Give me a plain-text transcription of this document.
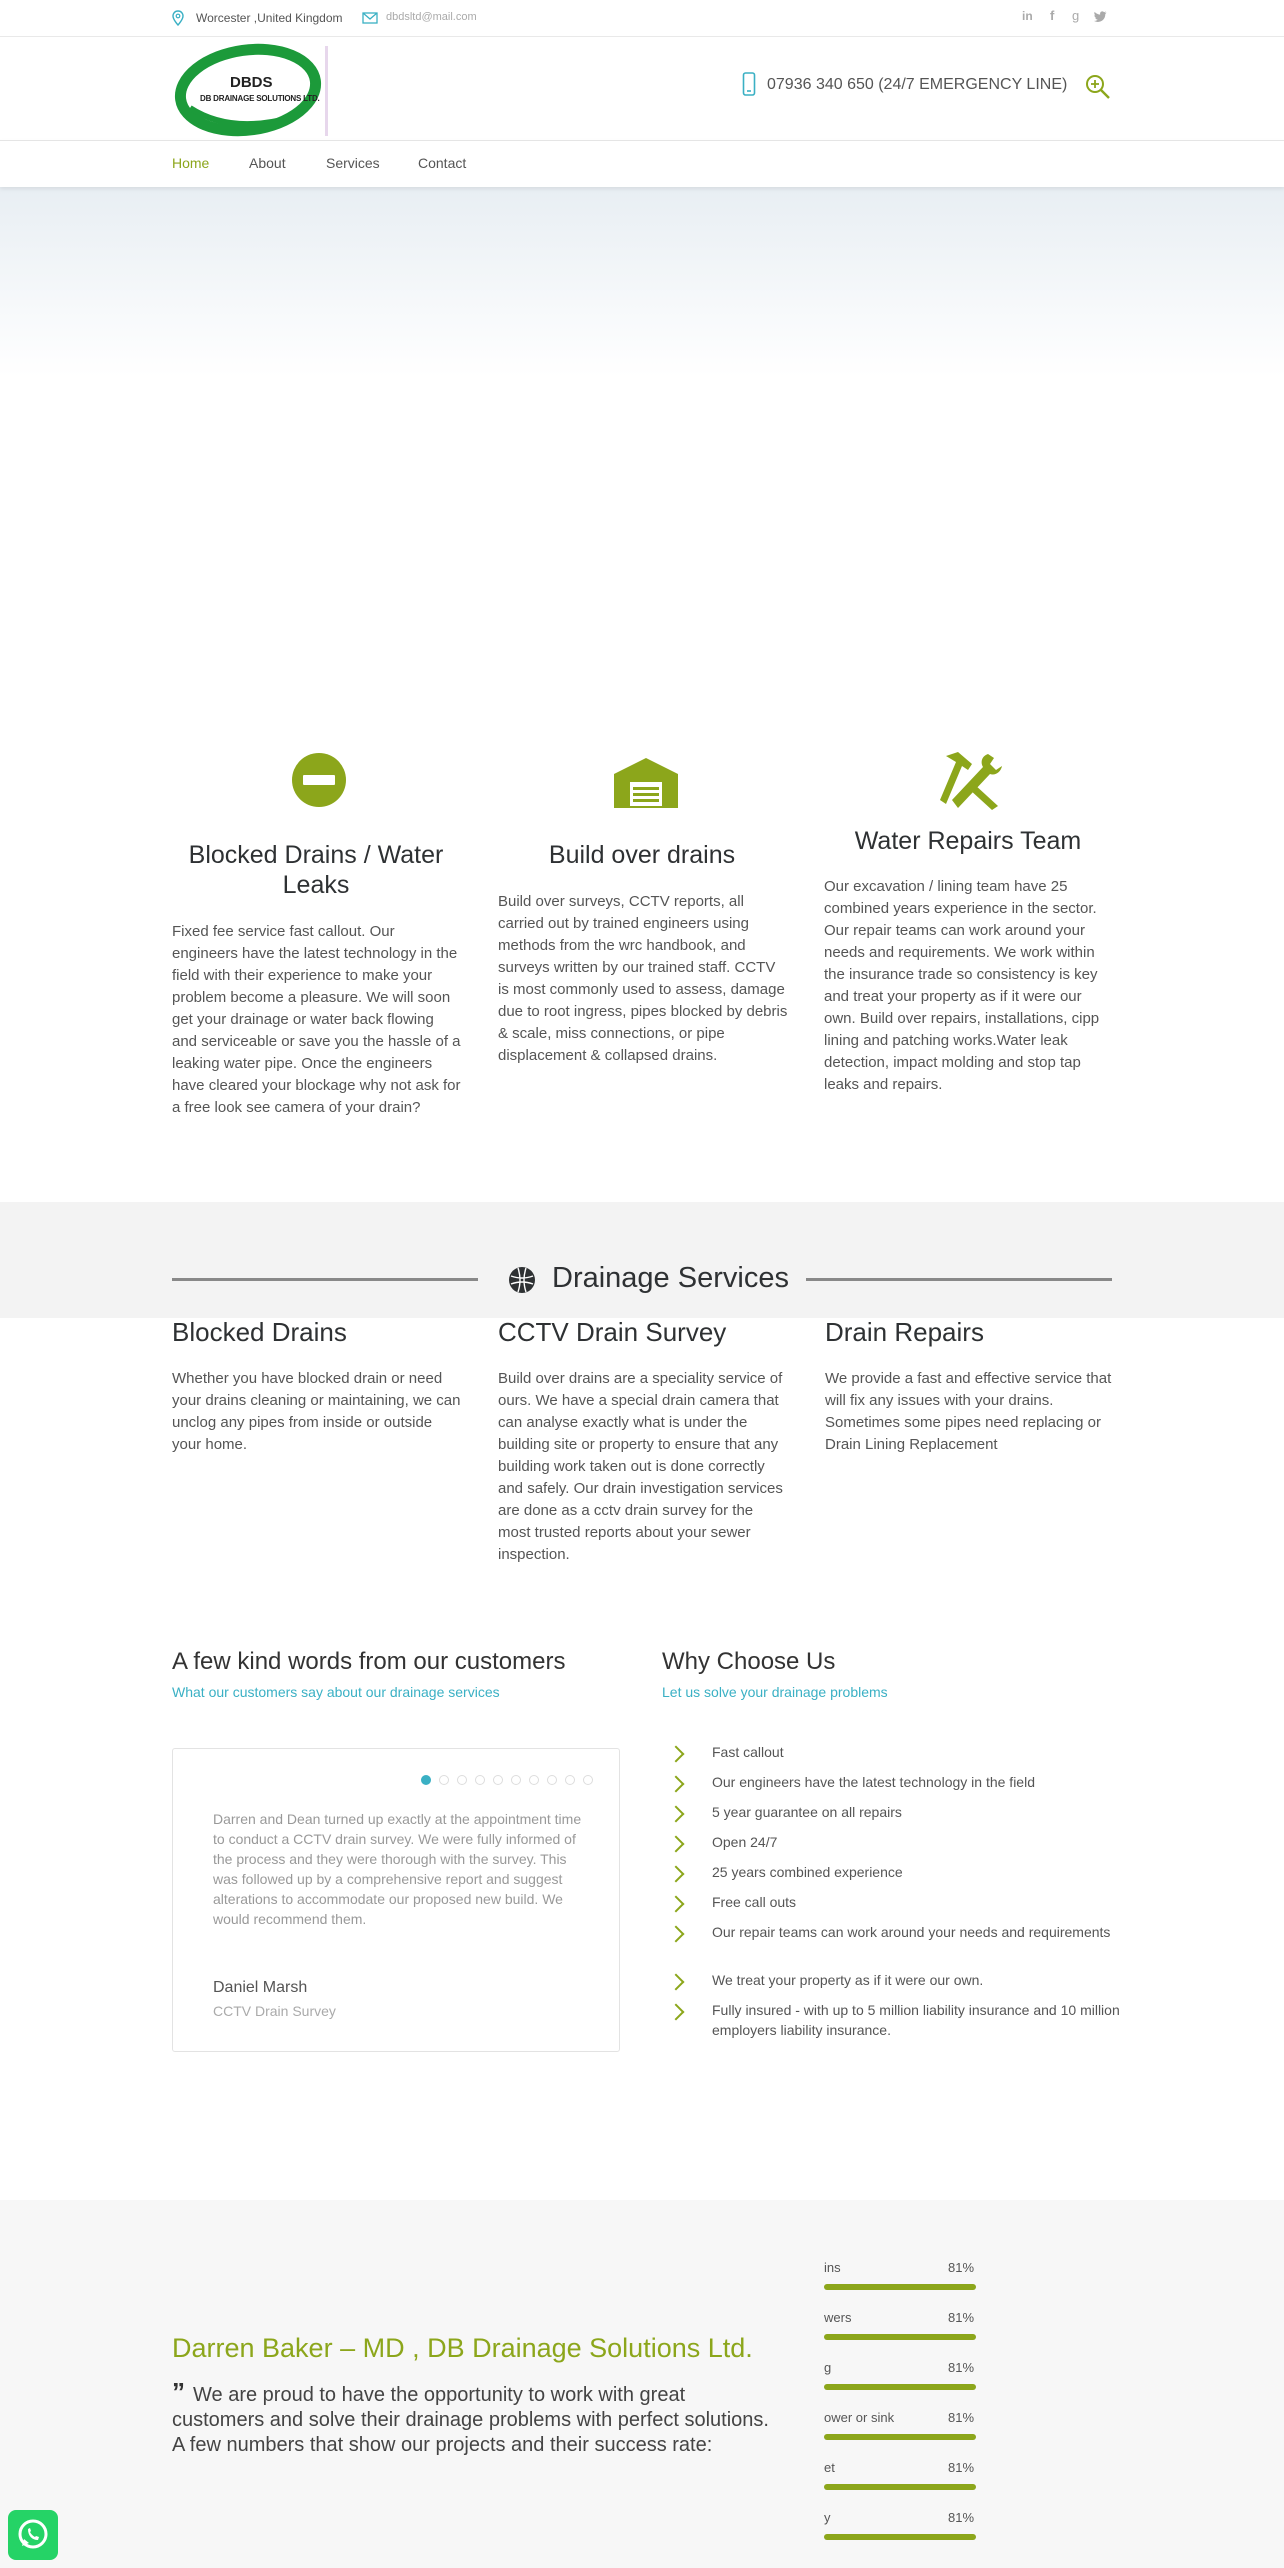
Worcester ,United Kingdom	dbdsltd@mail.com	in f g
DBDS
DB DRAINAGE SOLUTIONS LTD.
07936 340 650 (24/7 EMERGENCY LINE)
Home	About	Services	Contact
Blocked Drains / Water Leaks
Fixed fee service fast callout. Our engineers have the latest technology in the field with their experience to make your problem become a pleasure. We will soon get your drainage or water back flowing and serviceable or save you the hassle of a leaking water pipe. Once the engineers have cleared your blockage why not ask for a free look see camera of your drain?
Build over drains
Build over surveys, CCTV reports, all carried out by trained engineers using methods from the wrc handbook, and surveys written by our trained staff. CCTV is most commonly used to assess, damage due to root ingress, pipes blocked by debris & scale, miss connections, or pipe displacement & collapsed drains.
Water Repairs Team
Our excavation / lining team have 25 combined years experience in the sector. Our repair teams can work around your needs and requirements. We work within the insurance trade so consistency is key and treat your property as if it were our own. Build over repairs, installations, cipp lining and patching works.Water leak detection, impact molding and stop tap leaks and repairs.
Drainage Services
Blocked Drains
Whether you have blocked drain or need your drains cleaning or maintaining, we can unclog any pipes from inside or outside your home.
CCTV Drain Survey
Build over drains are a speciality service of ours. We have a special drain camera that can analyse exactly what is under the building site or property to ensure that any building work taken out is done correctly and safely. Our drain investigation services are done as a cctv drain survey for the most trusted reports about your sewer inspection.
Drain Repairs
We provide a fast and effective service that will fix any issues with your drains. Sometimes some pipes need replacing or Drain Lining Replacement
A few kind words from our customers
What our customers say about our drainage services
Darren and Dean turned up exactly at the appointment time to conduct a CCTV drain survey. We were fully informed of the process and they were thorough with the survey. This was followed up by a comprehensive report and suggest alterations to accommodate our proposed new build. We would recommend them.
Daniel Marsh
CCTV Drain Survey
Why Choose Us
Let us solve your drainage problems
Fast callout
Our engineers have the latest technology in the field
5 year guarantee on all repairs
Open 24/7
25 years combined experience
Free call outs
Our repair teams can work around your needs and requirements
We treat your property as if it were our own.
Fully insured - with up to 5 million liability insurance and 10 million employers liability insurance.
Darren Baker – MD , DB Drainage Solutions Ltd.
” We are proud to have the opportunity to work with great customers and solve their drainage problems with perfect solutions. A few numbers that show our projects and their success rate:
ins	81%
wers	81%
g	81%
ower or sink	81%
et	81%
y	81%
